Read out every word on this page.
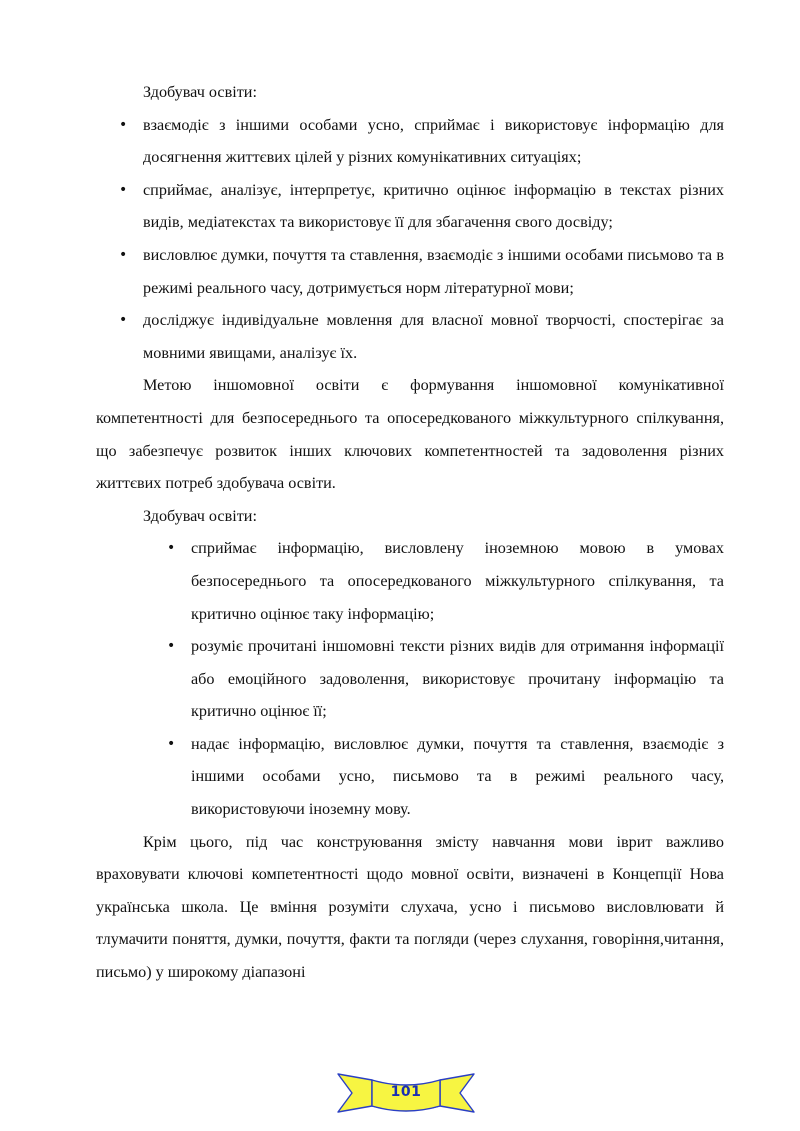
Здобувач освіти:

• взаємодіє з іншими особами усно, сприймає і використовує інформацію для досягнення життєвих цілей у різних комунікативних ситуаціях;
• сприймає, аналізує, інтерпретує, критично оцінює інформацію в текстах різних видів, медіатекстах та використовує її для збагачення свого досвіду;
• висловлює думки, почуття та ставлення, взаємодіє з іншими особами письмово та в режимі реального часу, дотримується норм літературної мови;
• досліджує індивідуальне мовлення для власної мовної творчості, спостерігає за мовними явищами, аналізує їх.

Метою іншомовної освіти є формування іншомовної комунікативної компетентності для безпосереднього та опосередкованого міжкультурного спілкування, що забезпечує розвиток інших ключових компетентностей та задоволення різних життєвих потреб здобувача освіти.

Здобувач освіти:

• сприймає інформацію, висловлену іноземною мовою в умовах безпосереднього та опосередкованого міжкультурного спілкування, та критично оцінює таку інформацію;
• розуміє прочитані іншомовні тексти різних видів для отримання інформації або емоційного задоволення, використовує прочитану інформацію та критично оцінює її;
• надає інформацію, висловлює думки, почуття та ставлення, взаємодіє з іншими особами усно, письмово та в режимі реального часу, використовуючи іноземну мову.

Крім цього, під час конструювання змісту навчання мови іврит важливо враховувати ключові компетентності щодо мовної освіти, визначені в Концепції Нова українська школа. Це вміння розуміти слухача, усно і письмово висловлювати й тлумачити поняття, думки, почуття, факти та погляди (через слухання, говоріння,читання, письмо) у широкому діапазоні

101
